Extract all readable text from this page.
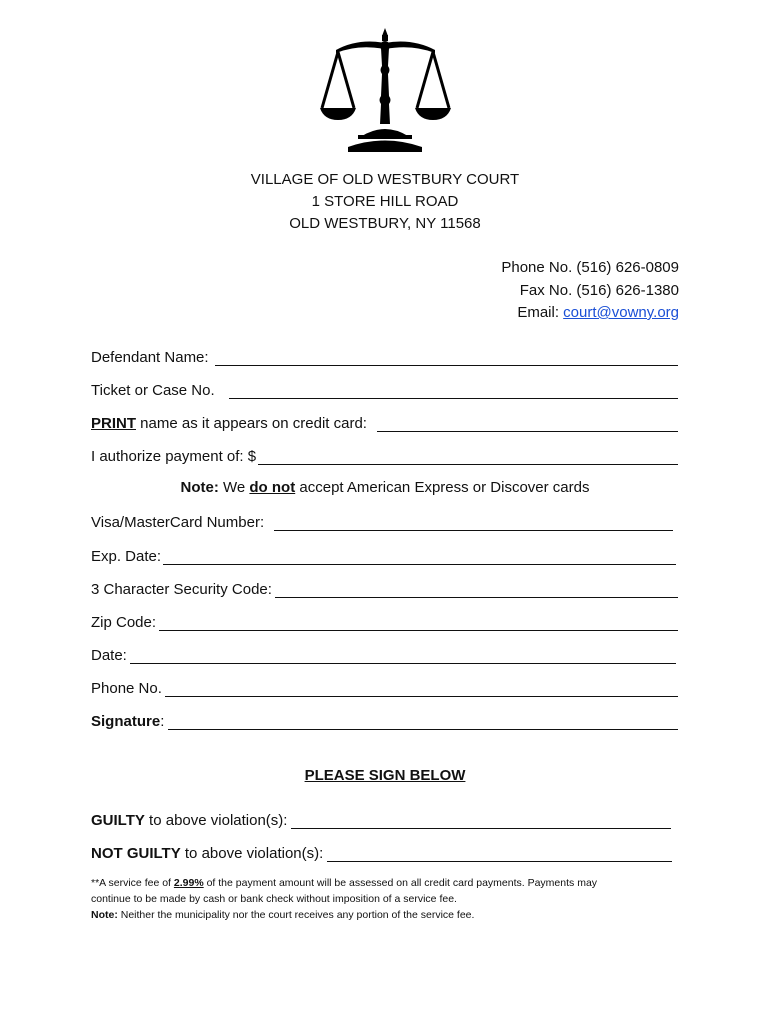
VILLAGE OF OLD WESTBURY COURT
1 STORE HILL ROAD
OLD WESTBURY, NY 11568
Phone No. (516) 626-0809
Fax No. (516) 626-1380
Email: court@vowny.org
Defendant Name:
Ticket or Case No.
PRINT name as it appears on credit card:
I authorize payment of: $
Note: We do not accept American Express or Discover cards
Visa/MasterCard Number:
Exp. Date:
3 Character Security Code:
Zip Code:
Date:
Phone No.
Signature:
PLEASE SIGN BELOW
GUILTY to above violation(s):
NOT GUILTY to above violation(s):
**A service fee of 2.99% of the payment amount will be assessed on all credit card payments. Payments may
continue to be made by cash or bank check without imposition of a service fee.
Note: Neither the municipality nor the court receives any portion of the service fee.
